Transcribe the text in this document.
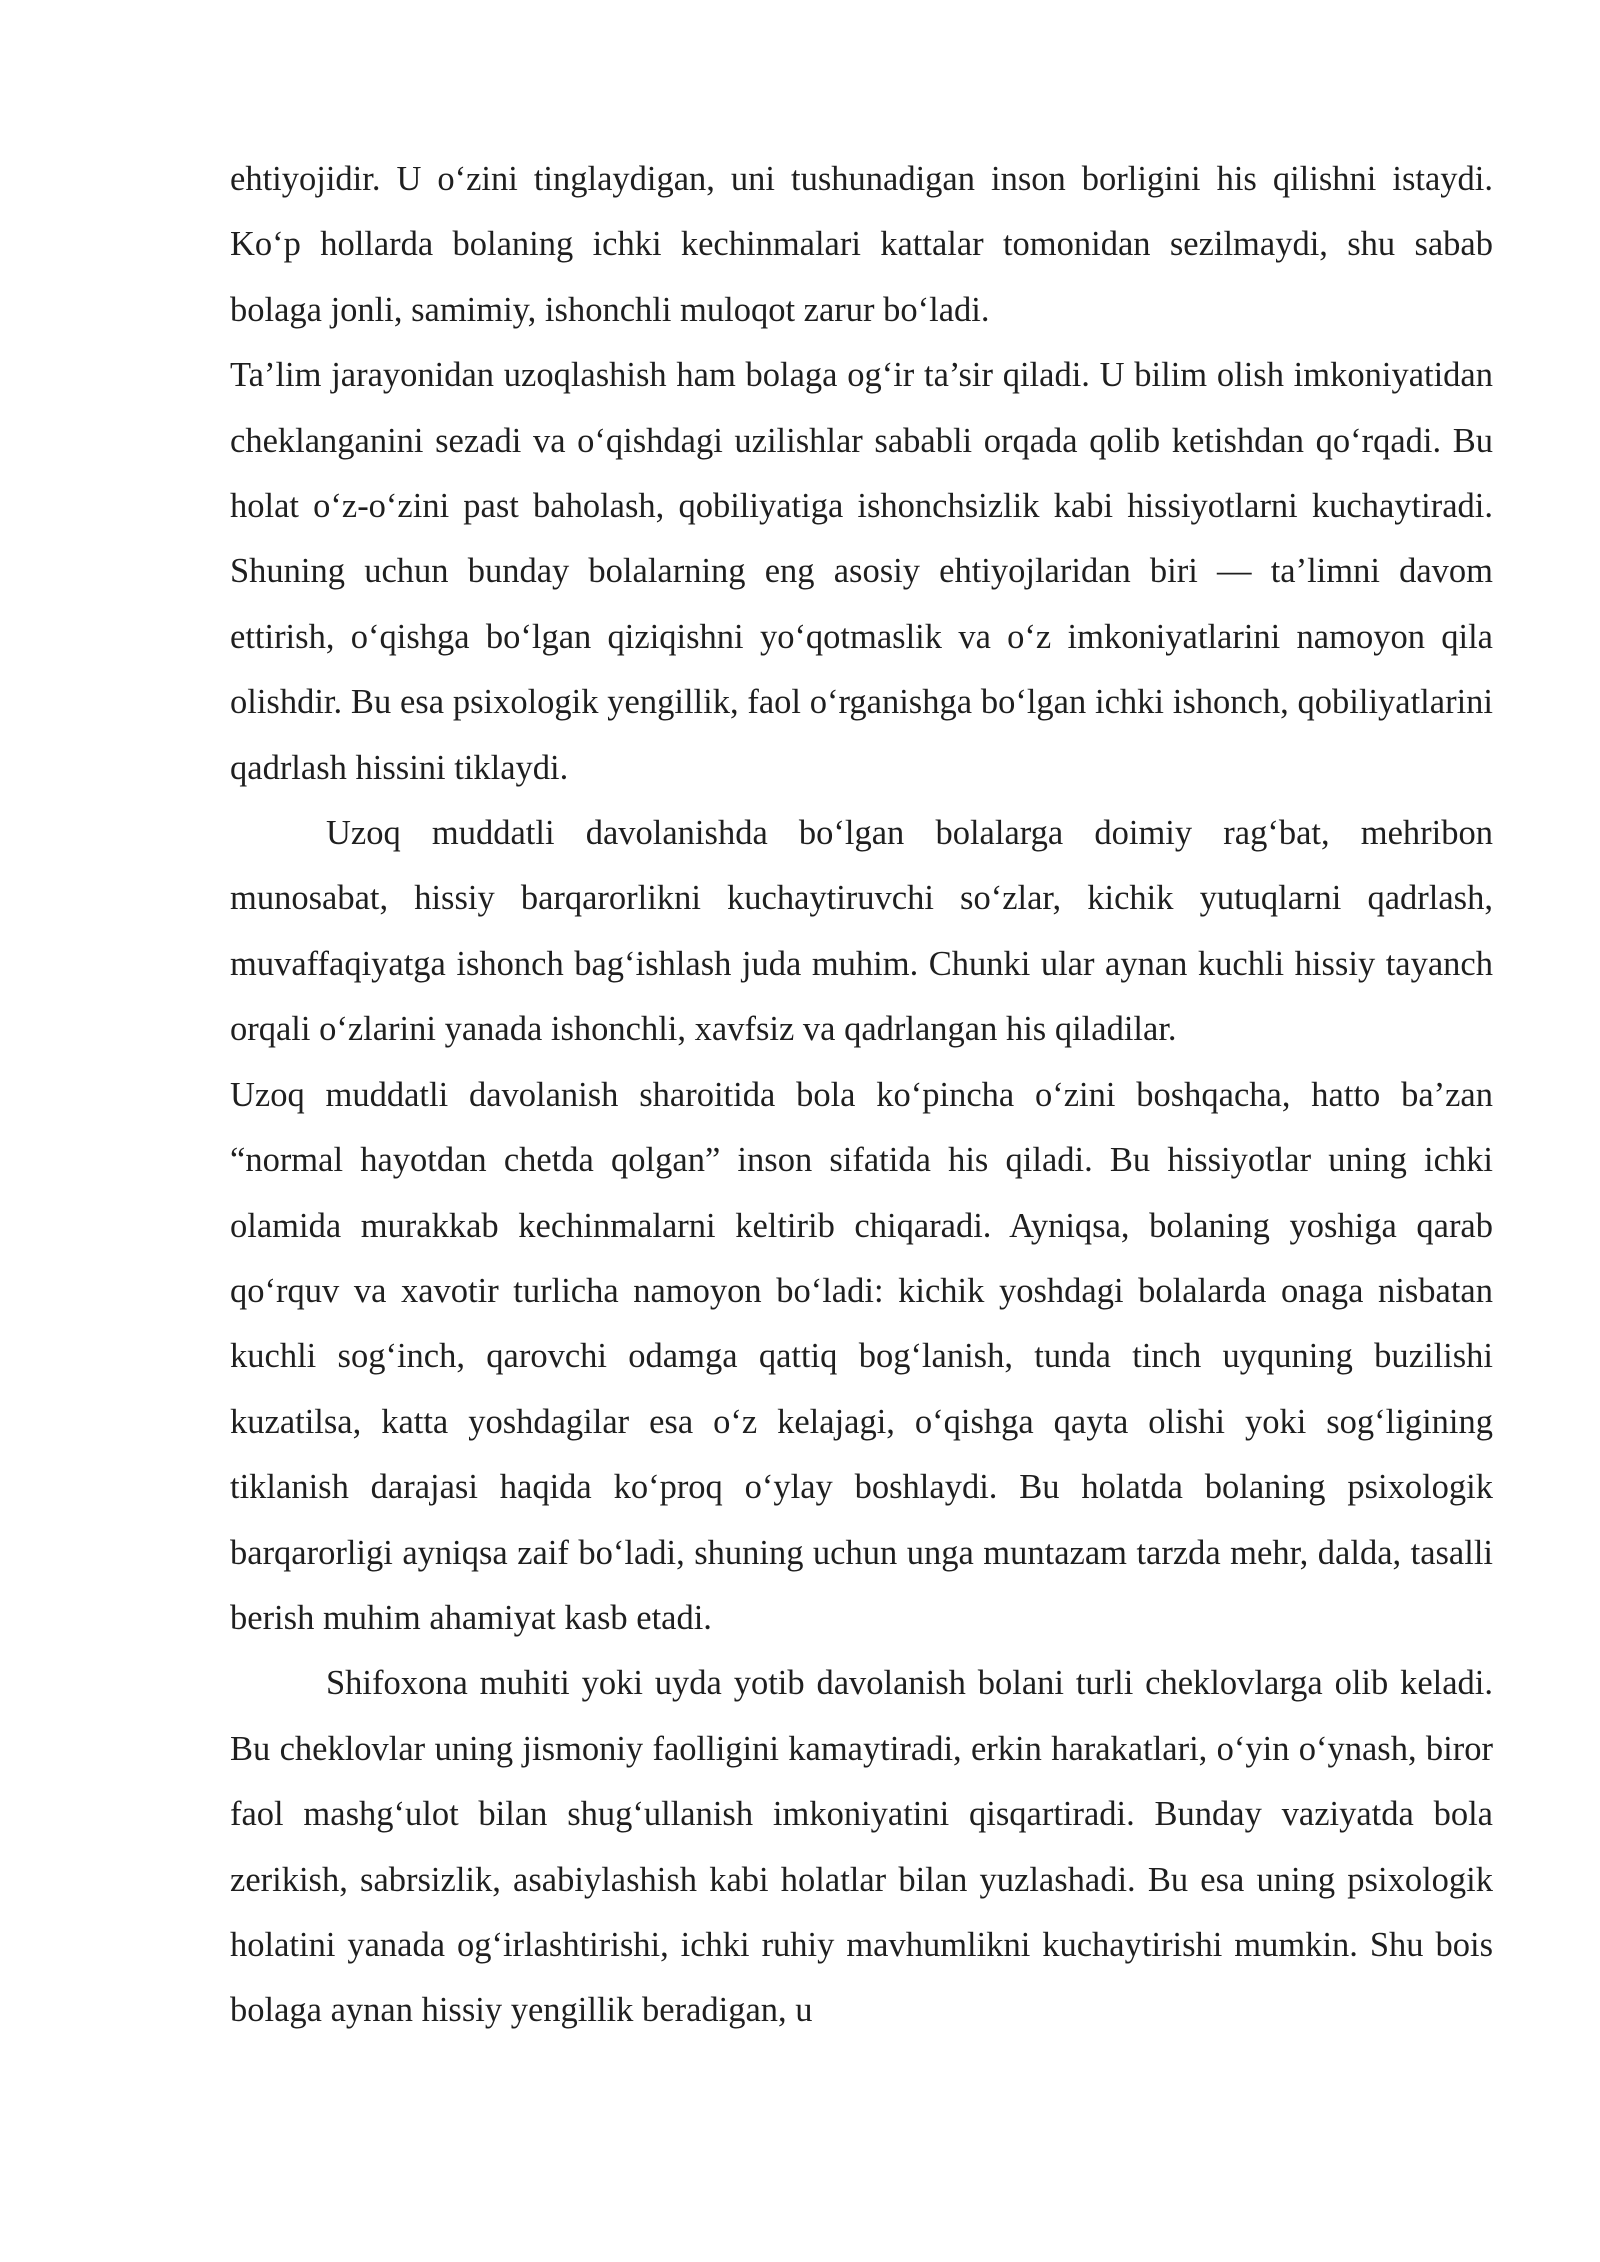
ehtiyojidir. U o‘zini tinglaydigan, uni tushunadigan inson borligini his qilishni istaydi. Ko‘p hollarda bolaning ichki kechinmalari kattalar tomonidan sezilmaydi, shu sabab bolaga jonli, samimiy, ishonchli muloqot zarur bo‘ladi.

Ta’lim jarayonidan uzoqlashish ham bolaga og‘ir ta’sir qiladi. U bilim olish imkoniyatidan cheklanganini sezadi va o‘qishdagi uzilishlar sababli orqada qolib ketishdan qo‘rqadi. Bu holat o‘z-o‘zini past baholash, qobiliyatiga ishonchsizlik kabi hissiyotlarni kuchaytiradi. Shuning uchun bunday bolalarning eng asosiy ehtiyojlaridan biri — ta’limni davom ettirish, o‘qishga bo‘lgan qiziqishni yo‘qotmaslik va o‘z imkoniyatlarini namoyon qila olishdir. Bu esa psixologik yengillik, faol o‘rganishga bo‘lgan ichki ishonch, qobiliyatlarini qadrlash hissini tiklaydi.

Uzoq muddatli davolanishda bo‘lgan bolalarga doimiy rag‘bat, mehribon munosabat, hissiy barqarorlikni kuchaytiruvchi so‘zlar, kichik yutuqlarni qadrlash, muvaffaqiyatga ishonch bag‘ishlash juda muhim. Chunki ular aynan kuchli hissiy tayanch orqali o‘zlarini yanada ishonchli, xavfsiz va qadrlangan his qiladilar.

Uzoq muddatli davolanish sharoitida bola ko‘pincha o‘zini boshqacha, hatto ba’zan “normal hayotdan chetda qolgan” inson sifatida his qiladi. Bu hissiyotlar uning ichki olamida murakkab kechinmalarni keltirib chiqaradi. Ayniqsa, bolaning yoshiga qarab qo‘rquv va xavotir turlicha namoyon bo‘ladi: kichik yoshdagi bolalarda onaga nisbatan kuchli sog‘inch, qarovchi odamga qattiq bog‘lanish, tunda tinch uyquning buzilishi kuzatilsa, katta yoshdagilar esa o‘z kelajagi, o‘qishga qayta olishi yoki sog‘ligining tiklanish darajasi haqida ko‘proq o‘ylay boshlaydi. Bu holatda bolaning psixologik barqarorligi ayniqsa zaif bo‘ladi, shuning uchun unga muntazam tarzda mehr, dalda, tasalli berish muhim ahamiyat kasb etadi.

Shifoxona muhiti yoki uyda yotib davolanish bolani turli cheklovlarga olib keladi. Bu cheklovlar uning jismoniy faolligini kamaytiradi, erkin harakatlari, o‘yin o‘ynash, biror faol mashg‘ulot bilan shug‘ullanish imkoniyatini qisqartiradi. Bunday vaziyatda bola zerikish, sabrsizlik, asabiylashish kabi holatlar bilan yuzlashadi. Bu esa uning psixologik holatini yanada og‘irlashtirishi, ichki ruhiy mavhumlikni kuchaytirishi mumkin. Shu bois bolaga aynan hissiy yengillik beradigan, u
